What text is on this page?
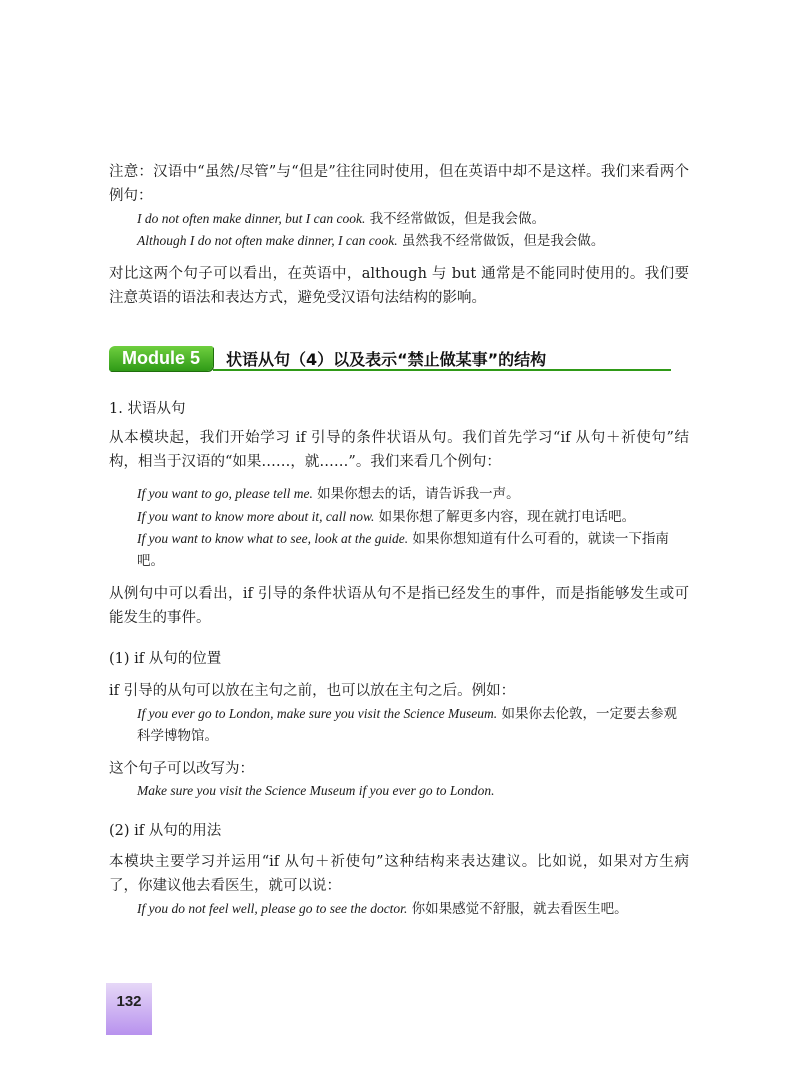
注意：汉语中“虽然/尽管”与“但是”往往同时使用，但在英语中却不是这样。我们来看两个例句：

I do not often make dinner, but I can cook. 我不经常做饭，但是我会做。

Although I do not often make dinner, I can cook. 虽然我不经常做饭，但是我会做。

对比这两个句子可以看出，在英语中，although 与 but 通常是不能同时使用的。我们要注意英语的语法和表达方式，避免受汉语句法结构的影响。

Module 5	状语从句（4）以及表示“禁止做某事”的结构

1. 状语从句

从本模块起，我们开始学习 if 引导的条件状语从句。我们首先学习“if 从句＋祈使句”结构，相当于汉语的“如果……，就……”。我们来看几个例句：

If you want to go, please tell me. 如果你想去的话，请告诉我一声。

If you want to know more about it, call now. 如果你想了解更多内容，现在就打电话吧。

If you want to know what to see, look at the guide. 如果你想知道有什么可看的，就读一下指南吧。

从例句中可以看出，if 引导的条件状语从句不是指已经发生的事件，而是指能够发生或可能发生的事件。

(1) if 从句的位置

if 引导的从句可以放在主句之前，也可以放在主句之后。例如：

If you ever go to London, make sure you visit the Science Museum. 如果你去伦敦，一定要去参观科学博物馆。

这个句子可以改写为：

Make sure you visit the Science Museum if you ever go to London.

(2) if 从句的用法

本模块主要学习并运用“if 从句＋祈使句”这种结构来表达建议。比如说，如果对方生病了，你建议他去看医生，就可以说：

If you do not feel well, please go to see the doctor. 你如果感觉不舒服，就去看医生吧。

132
